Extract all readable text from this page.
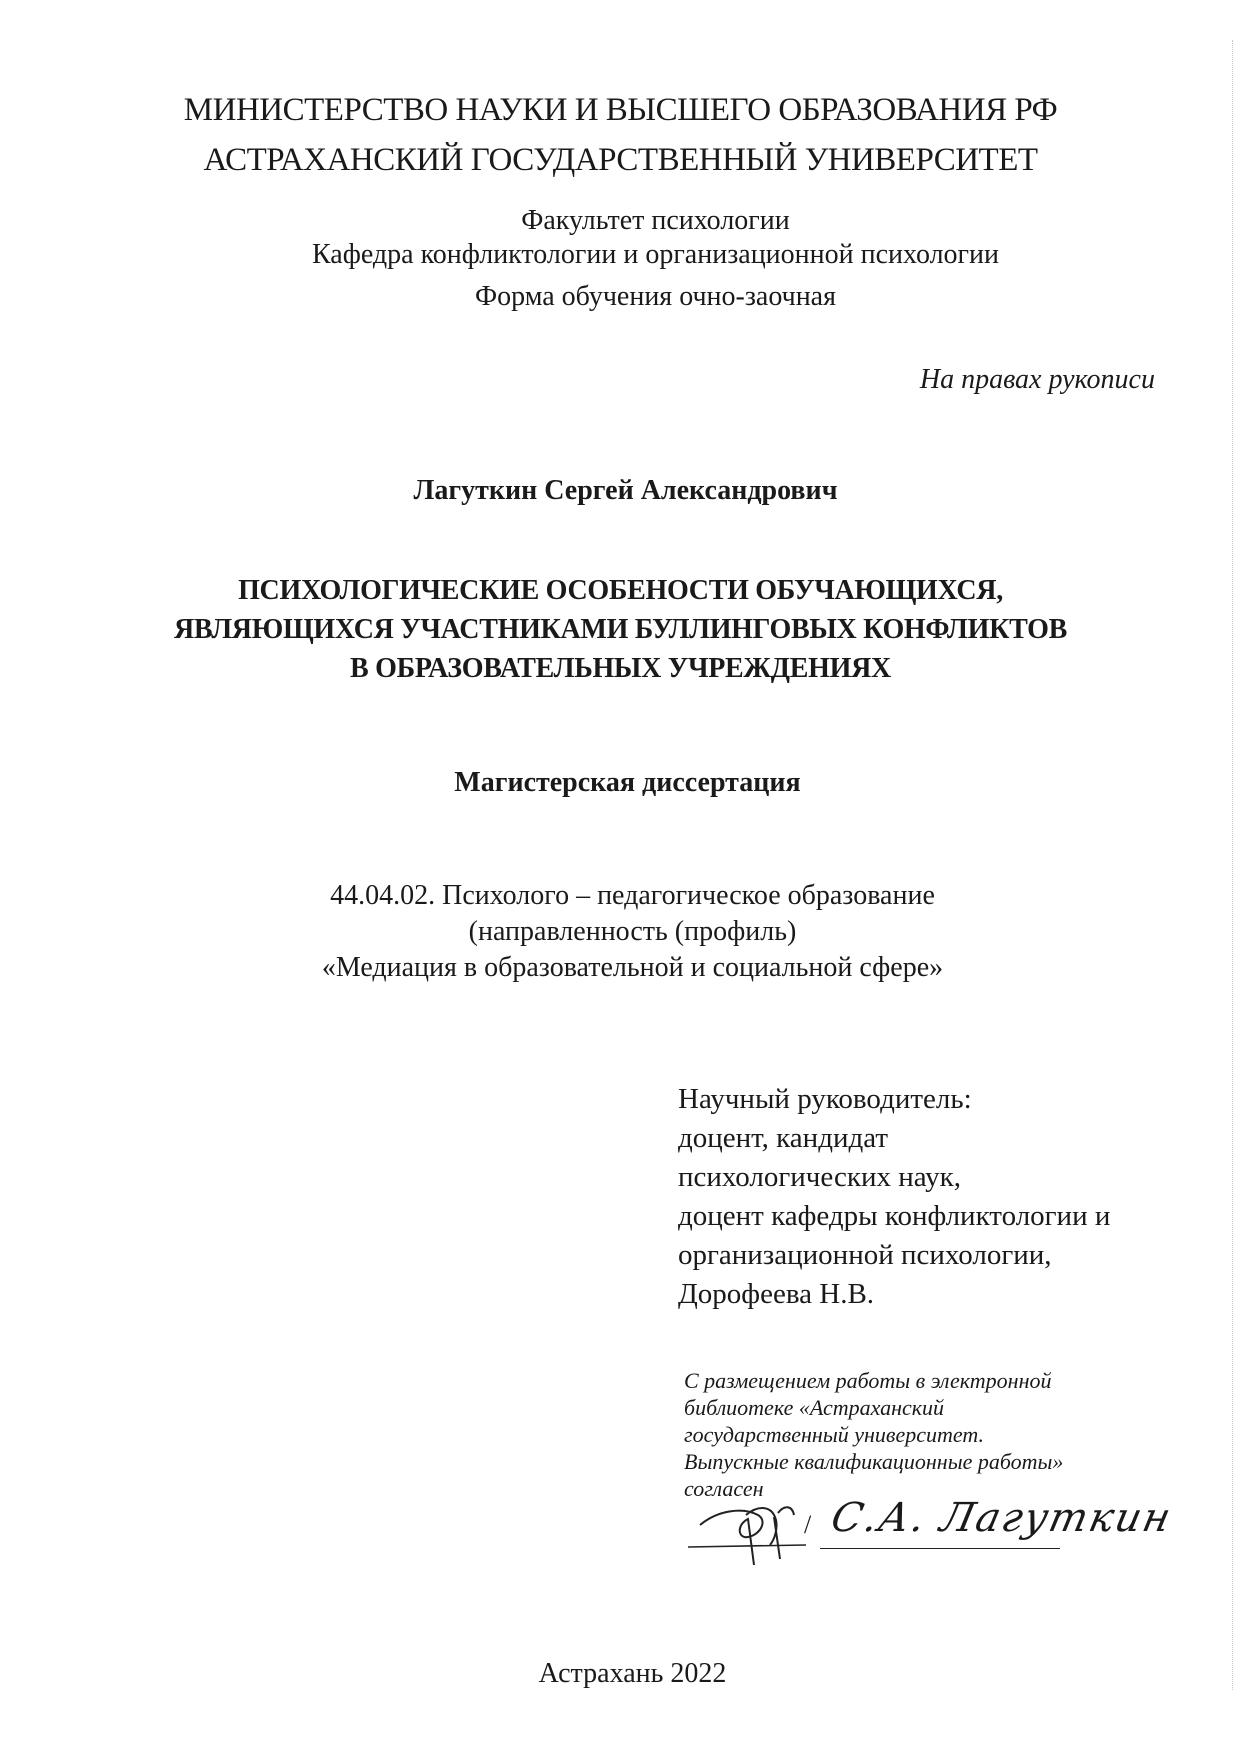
МИНИСТЕРСТВО НАУКИ И ВЫСШЕГО ОБРАЗОВАНИЯ РФ
АСТРАХАНСКИЙ ГОСУДАРСТВЕННЫЙ УНИВЕРСИТЕТ
Факультет психологии
Кафедра конфликтологии и организационной психологии
Форма обучения очно-заочная
На правах рукописи
Лагуткин Сергей Александрович
ПСИХОЛОГИЧЕСКИЕ ОСОБЕНОСТИ ОБУЧАЮЩИХСЯ,
ЯВЛЯЮЩИХСЯ УЧАСТНИКАМИ БУЛЛИНГОВЫХ КОНФЛИКТОВ
В ОБРАЗОВАТЕЛЬНЫХ УЧРЕЖДЕНИЯХ
Магистерская диссертация
44.04.02. Психолого – педагогическое образование
(направленность (профиль)
«Медиация в образовательной и социальной сфере»
Научный руководитель:
доцент, кандидат
психологических наук,
доцент кафедры конфликтологии и
организационной психологии,
Дорофеева Н.В.
С размещением работы в электронной
библиотеке «Астраханский
государственный университет.
Выпускные квалификационные работы»
согласен
/ С.А. Лагуткин
Астрахань 2022
